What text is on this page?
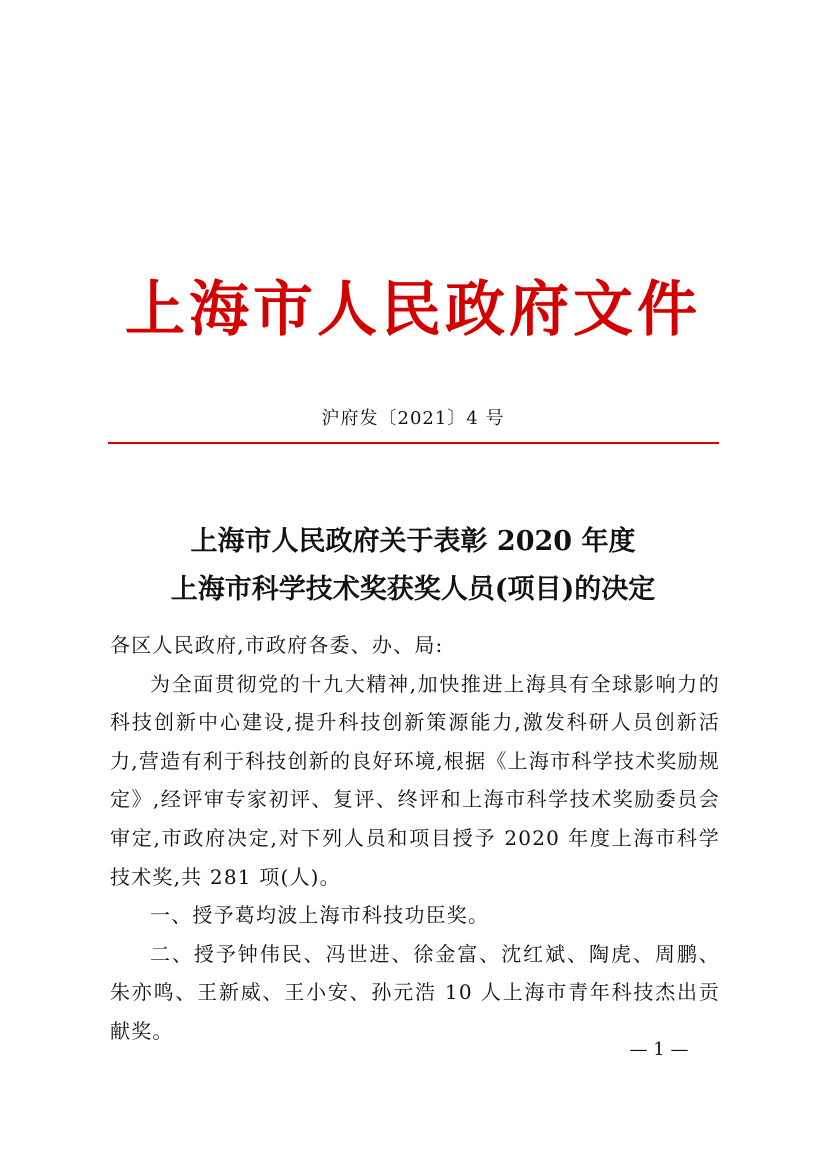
上海市人民政府文件
沪府发〔2021〕4 号
上海市人民政府关于表彰 2020 年度
上海市科学技术奖获奖人员(项目)的决定

各区人民政府,市政府各委、办、局:

为全面贯彻党的十九大精神,加快推进上海具有全球影响力的科技创新中心建设,提升科技创新策源能力,激发科研人员创新活力,营造有利于科技创新的良好环境,根据《上海市科学技术奖励规定》,经评审专家初评、复评、终评和上海市科学技术奖励委员会审定,市政府决定,对下列人员和项目授予 2020 年度上海市科学技术奖,共 281 项(人)。

一、授予葛均波上海市科技功臣奖。

二、授予钟伟民、冯世进、徐金富、沈红斌、陶虎、周鹏、朱亦鸣、王新威、王小安、孙元浩 10 人上海市青年科技杰出贡献奖。

— 1 —
